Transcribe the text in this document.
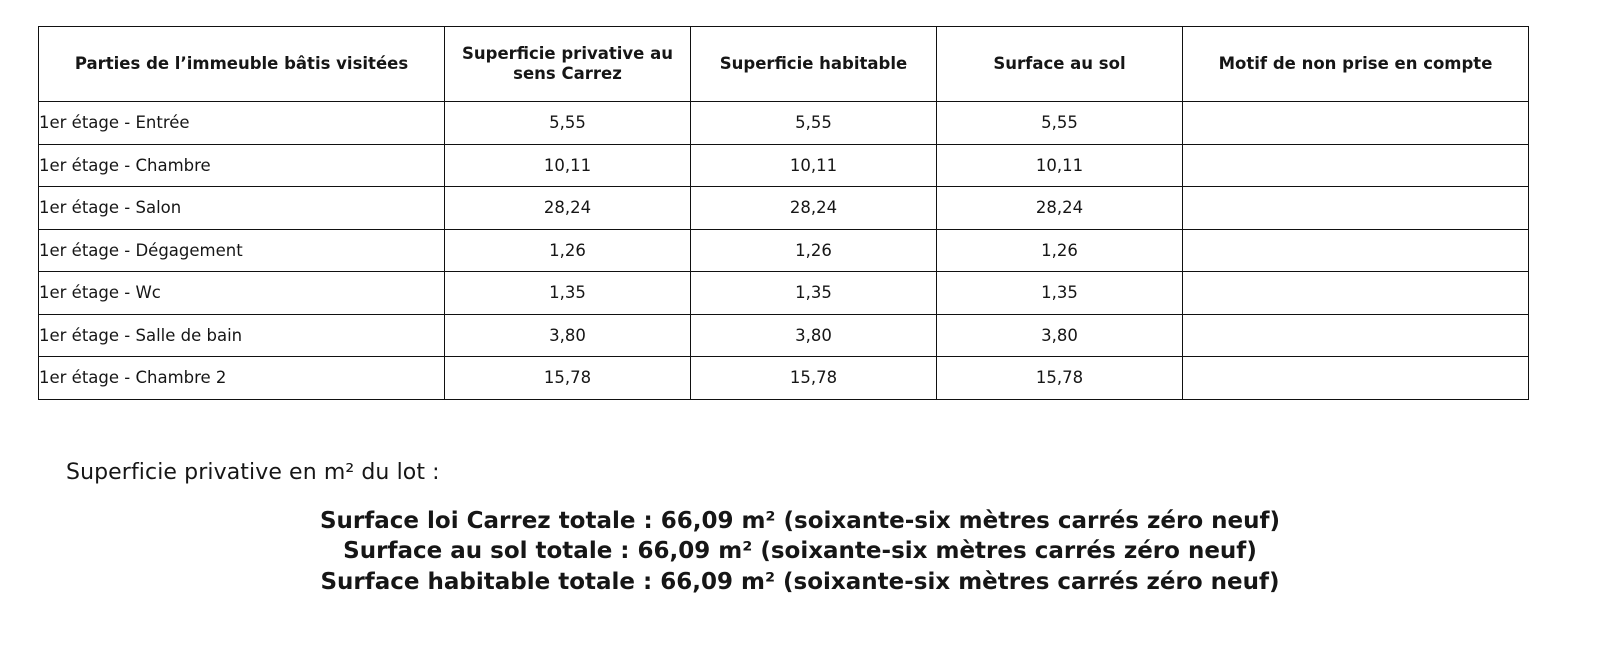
Parties de l’immeuble bâtis visitées	Superficie privative au sens Carrez	Superficie habitable	Surface au sol	Motif de non prise en compte
1er étage - Entrée	5,55	5,55	5,55	
1er étage - Chambre	10,11	10,11	10,11	
1er étage - Salon	28,24	28,24	28,24	
1er étage - Dégagement	1,26	1,26	1,26	
1er étage - Wc	1,35	1,35	1,35	
1er étage - Salle de bain	3,80	3,80	3,80	
1er étage - Chambre 2	15,78	15,78	15,78	
Superficie privative en m² du lot :
Surface loi Carrez totale : 66,09 m² (soixante-six mètres carrés zéro neuf)
Surface au sol totale : 66,09 m² (soixante-six mètres carrés zéro neuf)
Surface habitable totale : 66,09 m² (soixante-six mètres carrés zéro neuf)
